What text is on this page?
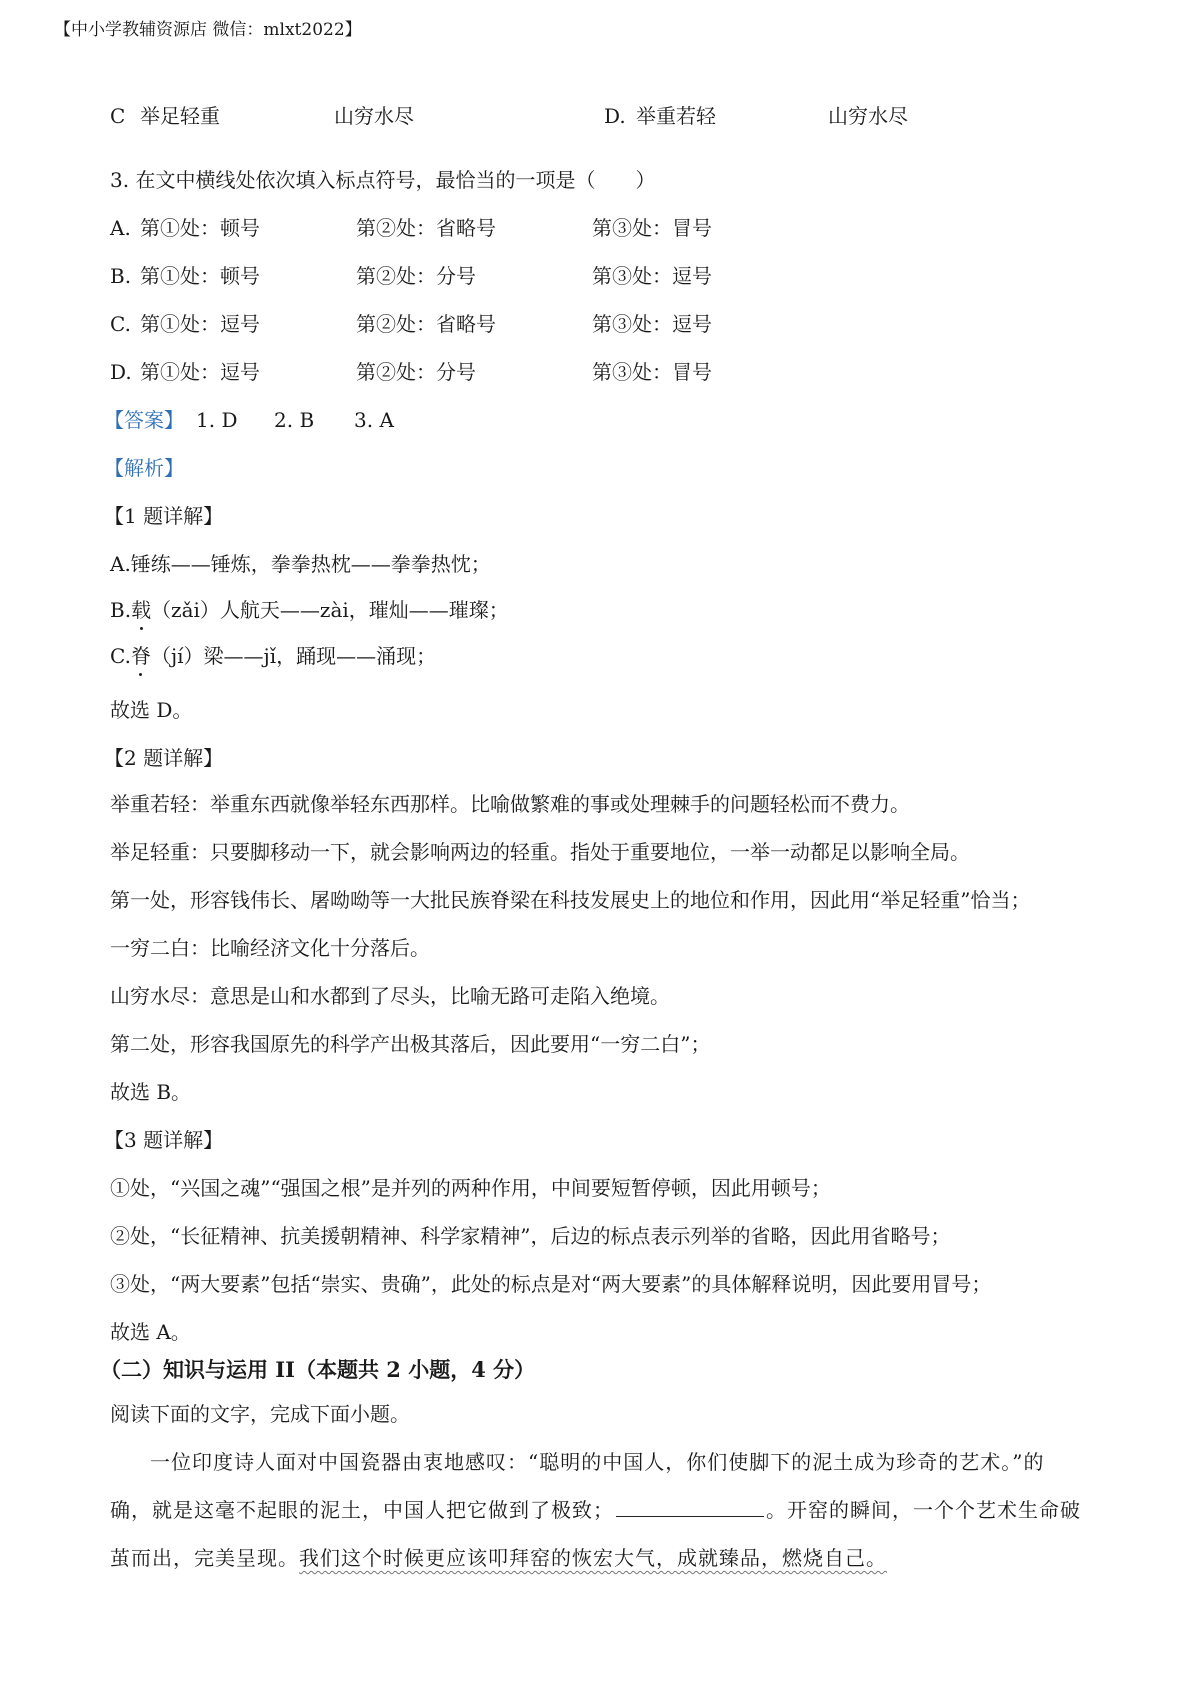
【中小学教辅资源店 微信：mlxt2022】
C 举足轻重	山穷水尽	D. 举重若轻	山穷水尽
3. 在文中横线处依次填入标点符号，最恰当的一项是（　　）
A. 第①处：顿号	第②处：省略号	第③处：冒号
B. 第①处：顿号	第②处：分号	第③处：逗号
C. 第①处：逗号	第②处：省略号	第③处：逗号
D. 第①处：逗号	第②处：分号	第③处：冒号
【答案】 1. D 2. B 3. A
【解析】
【1 题详解】
A.锤练——锤炼，拳拳热枕——拳拳热忱；
B.载（zǎi）人航天——zài，璀灿——璀璨；
C.脊（jí）梁——jǐ，踊现——涌现；
故选 D。
【2 题详解】
举重若轻：举重东西就像举轻东西那样。比喻做繁难的事或处理棘手的问题轻松而不费力。
举足轻重：只要脚移动一下，就会影响两边的轻重。指处于重要地位，一举一动都足以影响全局。
第一处，形容钱伟长、屠呦呦等一大批民族脊梁在科技发展史上的地位和作用，因此用“举足轻重”恰当；
一穷二白：比喻经济文化十分落后。
山穷水尽：意思是山和水都到了尽头，比喻无路可走陷入绝境。
第二处，形容我国原先的科学产出极其落后，因此要用“一穷二白”；
故选 B。
【3 题详解】
①处，“兴国之魂”“强国之根”是并列的两种作用，中间要短暂停顿，因此用顿号；
②处，“长征精神、抗美援朝精神、科学家精神”，后边的标点表示列举的省略，因此用省略号；
③处，“两大要素”包括“崇实、贵确”，此处的标点是对“两大要素”的具体解释说明，因此要用冒号；
故选 A。
（二）知识与运用 II（本题共 2 小题，4 分）
阅读下面的文字，完成下面小题。
一位印度诗人面对中国瓷器由衷地感叹：“聪明的中国人，你们使脚下的泥土成为珍奇的艺术。”的
确，就是这毫不起眼的泥土，中国人把它做到了极致；	。开窑的瞬间，一个个艺术生命破
茧而出，完美呈现。我们这个时候更应该叩拜窑的恢宏大气，成就臻品，燃烧自己。
